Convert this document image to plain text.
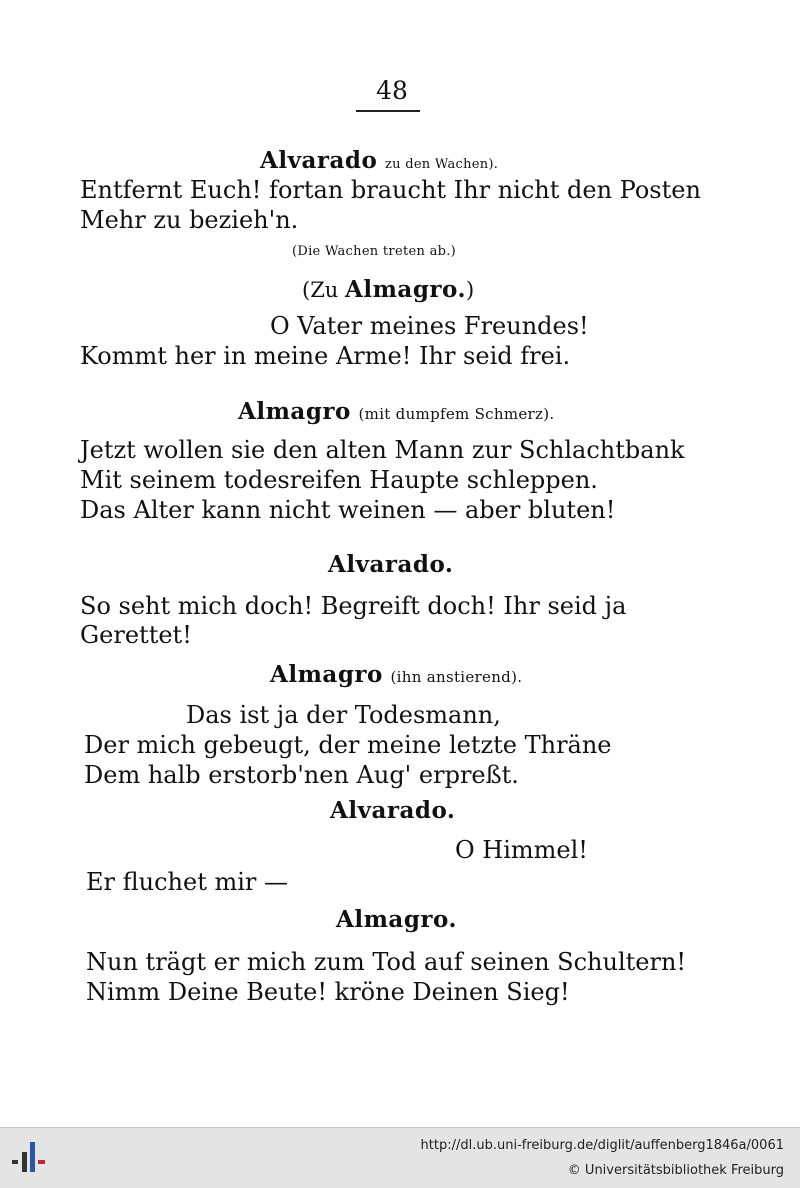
48
Alvarado zu den Wachen).
Entfernt Euch! fortan braucht Ihr nicht den Posten
Mehr zu bezieh'n.
(Die Wachen treten ab.)
(Zu Almagro.)
O Vater meines Freundes!
Kommt her in meine Arme! Ihr seid frei.
Almagro (mit dumpfem Schmerz).
Jetzt wollen sie den alten Mann zur Schlachtbank
Mit seinem todesreifen Haupte schleppen.
Das Alter kann nicht weinen — aber bluten!
Alvarado.
So seht mich doch! Begreift doch! Ihr seid ja
Gerettet!
Almagro (ihn anstierend).
Das ist ja der Todesmann,
Der mich gebeugt, der meine letzte Thräne
Dem halb erstorb'nen Aug' erpreßt.
Alvarado.
O Himmel!
Er fluchet mir —
Almagro.
Nun trägt er mich zum Tod auf seinen Schultern!
Nimm Deine Beute! kröne Deinen Sieg!
http://dl.ub.uni-freiburg.de/diglit/auffenberg1846a/0061
© Universitätsbibliothek Freiburg
